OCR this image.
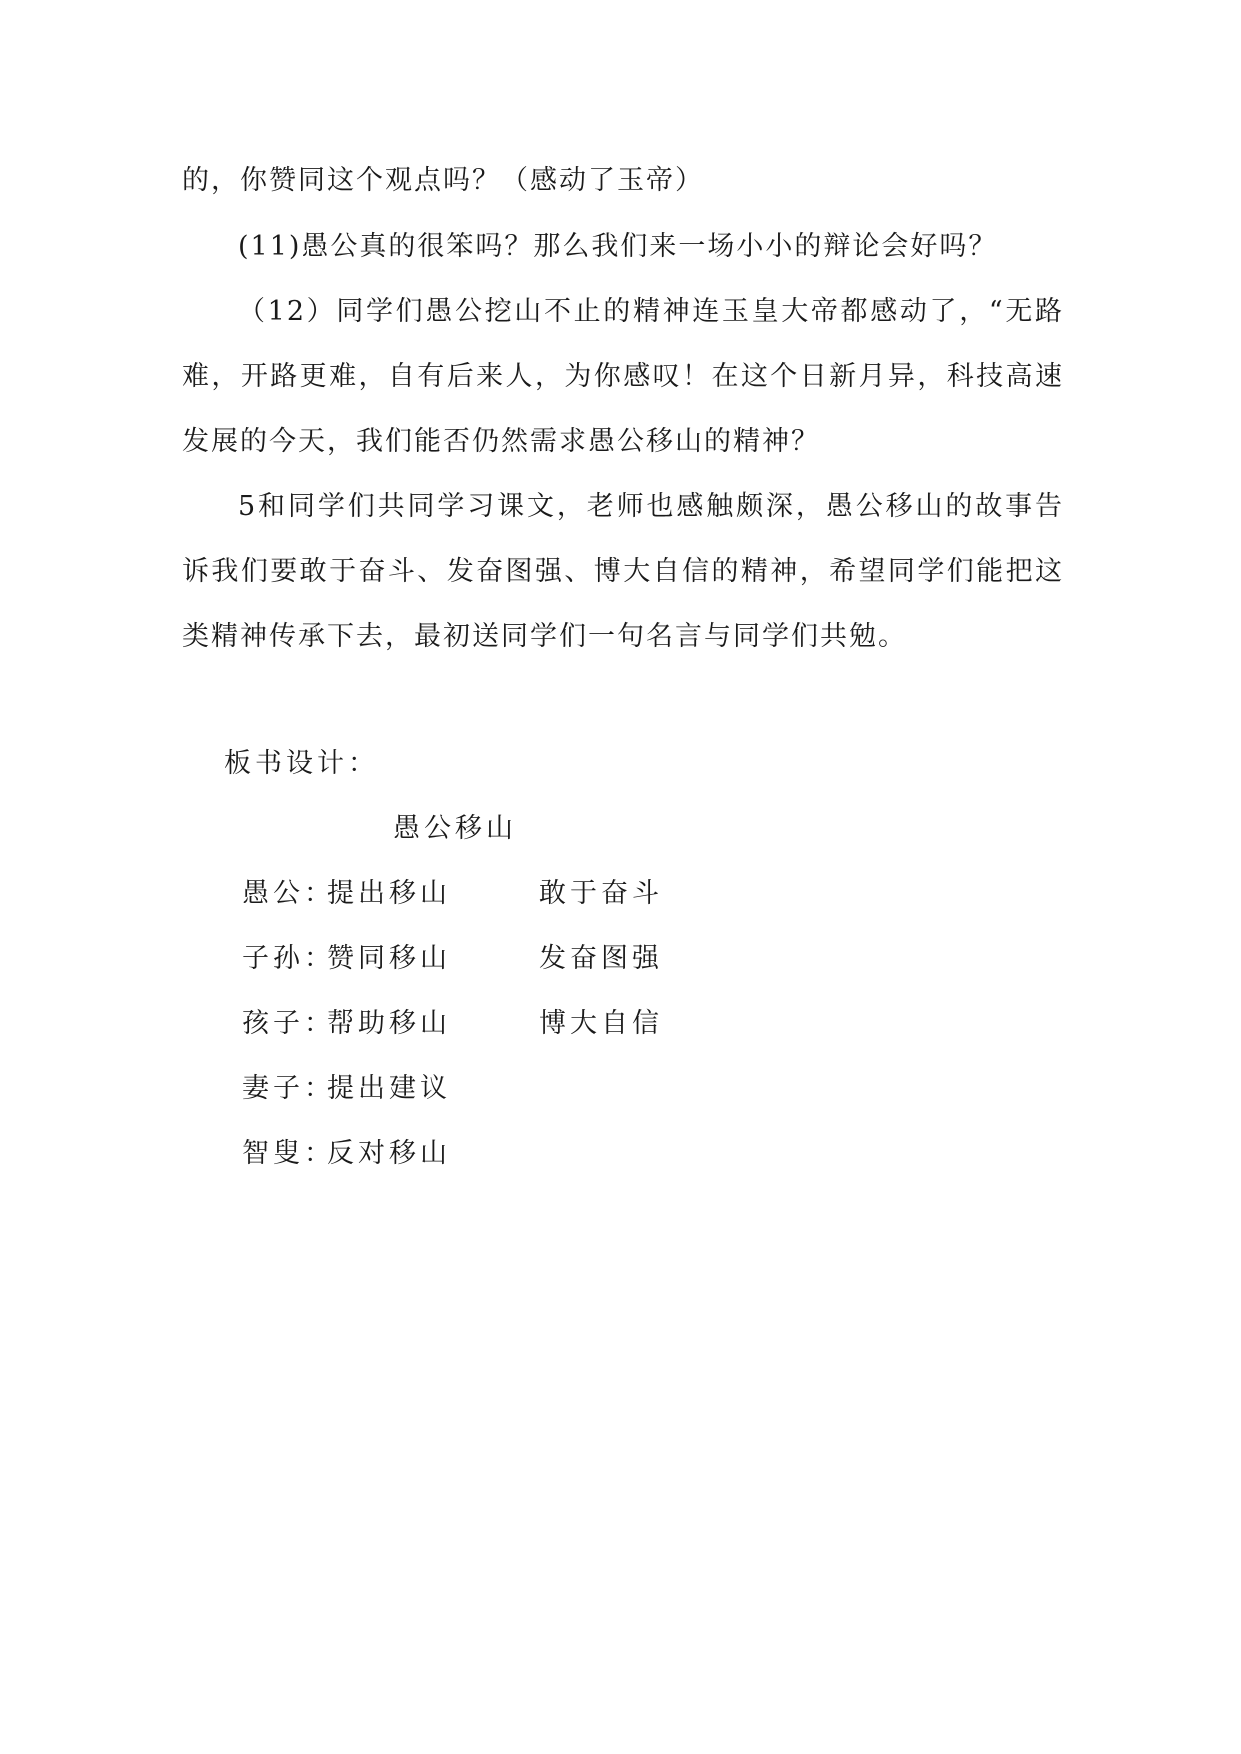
的，你赞同这个观点吗？（感动了玉帝）

(11)愚公真的很笨吗？那么我们来一场小小的辩论会好吗？

（12）同学们愚公挖山不止的精神连玉皇大帝都感动了，“无路难，开路更难，自有后来人，为你感叹！在这个日新月异，科技高速发展的今天，我们能否仍然需求愚公移山的精神？

5和同学们共同学习课文，老师也感触颇深，愚公移山的故事告诉我们要敢于奋斗、发奋图强、博大自信的精神，希望同学们能把这类精神传承下去，最初送同学们一句名言与同学们共勉。

板书设计：
愚公移山
愚公：提出移山	敢于奋斗
子孙：赞同移山	发奋图强
孩子：帮助移山	博大自信
妻子：提出建议
智叟：反对移山
